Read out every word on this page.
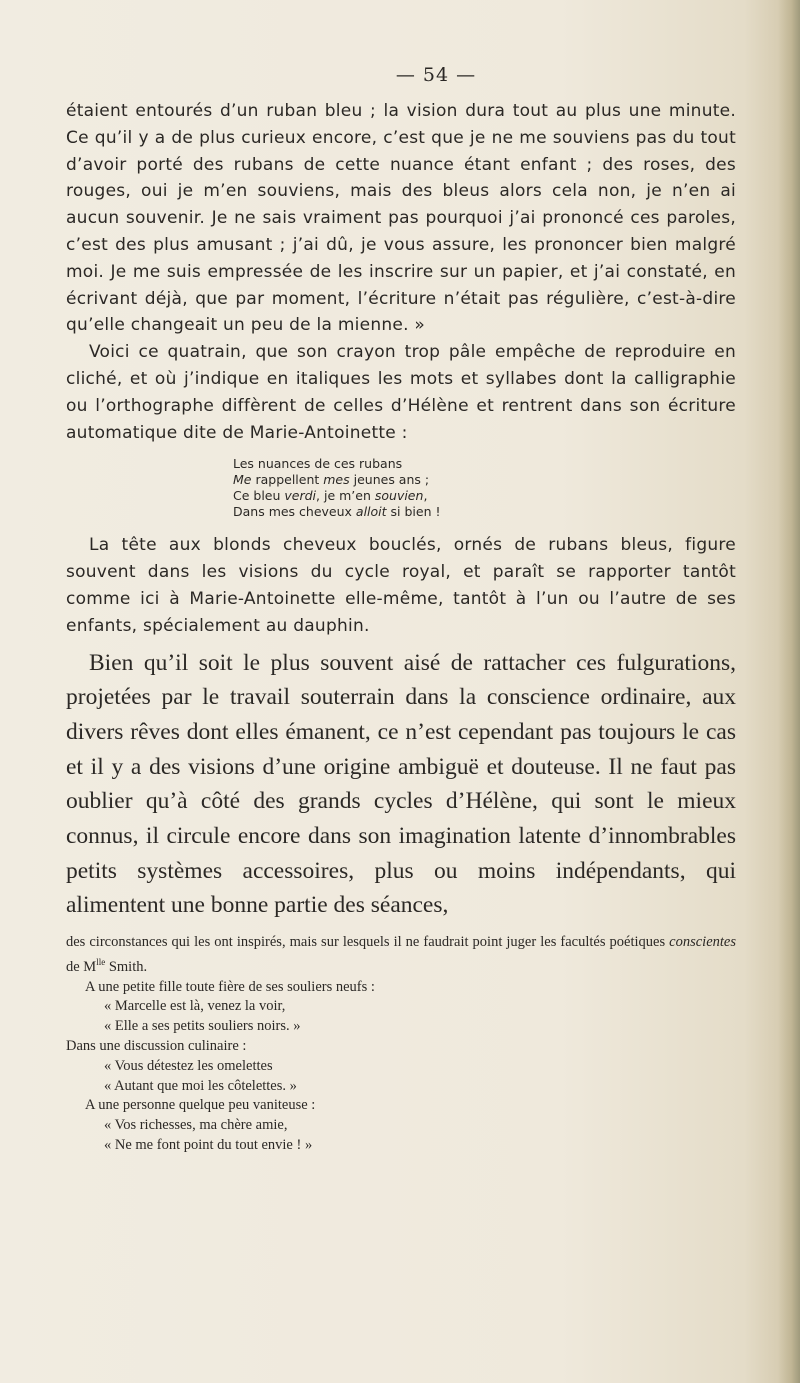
— 54 —

étaient entourés d’un ruban bleu ; la vision dura tout au plus une minute. Ce qu’il y a de plus curieux encore, c’est que je ne me souviens pas du tout d’avoir porté des rubans de cette nuance étant enfant ; des roses, des rouges, oui je m’en souviens, mais des bleus alors cela non, je n’en ai aucun souvenir. Je ne sais vraiment pas pourquoi j’ai prononcé ces paroles, c’est des plus amusant ; j’ai dû, je vous assure, les prononcer bien malgré moi. Je me suis empressée de les inscrire sur un papier, et j’ai constaté, en écrivant déjà, que par moment, l’écriture n’était pas régulière, c’est-à-dire qu’elle changeait un peu de la mienne. »

Voici ce quatrain, que son crayon trop pâle empêche de reproduire en cliché, et où j’indique en italiques les mots et syllabes dont la calligraphie ou l’orthographe diffèrent de celles d’Hélène et rentrent dans son écriture automatique dite de Marie-Antoinette :

Les nuances de ces rubans
Me rappellent mes jeunes ans ;
Ce bleu verdi, je m’en souvien,
Dans mes cheveux alloit si bien !

La tête aux blonds cheveux bouclés, ornés de rubans bleus, figure souvent dans les visions du cycle royal, et paraît se rapporter tantôt comme ici à Marie-Antoinette elle-même, tantôt à l’un ou l’autre de ses enfants, spécialement au dauphin.

Bien qu’il soit le plus souvent aisé de rattacher ces fulgurations, projetées par le travail souterrain dans la conscience ordinaire, aux divers rêves dont elles émanent, ce n’est cependant pas toujours le cas et il y a des visions d’une origine ambiguë et douteuse. Il ne faut pas oublier qu’à côté des grands cycles d’Hélène, qui sont le mieux connus, il circule encore dans son imagination latente d’innombrables petits systèmes accessoires, plus ou moins indépendants, qui alimentent une bonne partie des séances,

des circonstances qui les ont inspirés, mais sur lesquels il ne faudrait point juger les facultés poétiques conscientes de $M^{lle}$ Smith.
A une petite fille toute fière de ses souliers neufs :
« Marcelle est là, venez la voir,
« Elle a ses petits souliers noirs. »
Dans une discussion culinaire :
« Vous détestez les omelettes
« Autant que moi les côtelettes. »
A une personne quelque peu vaniteuse :
« Vos richesses, ma chère amie,
« Ne me font point du tout envie ! »
